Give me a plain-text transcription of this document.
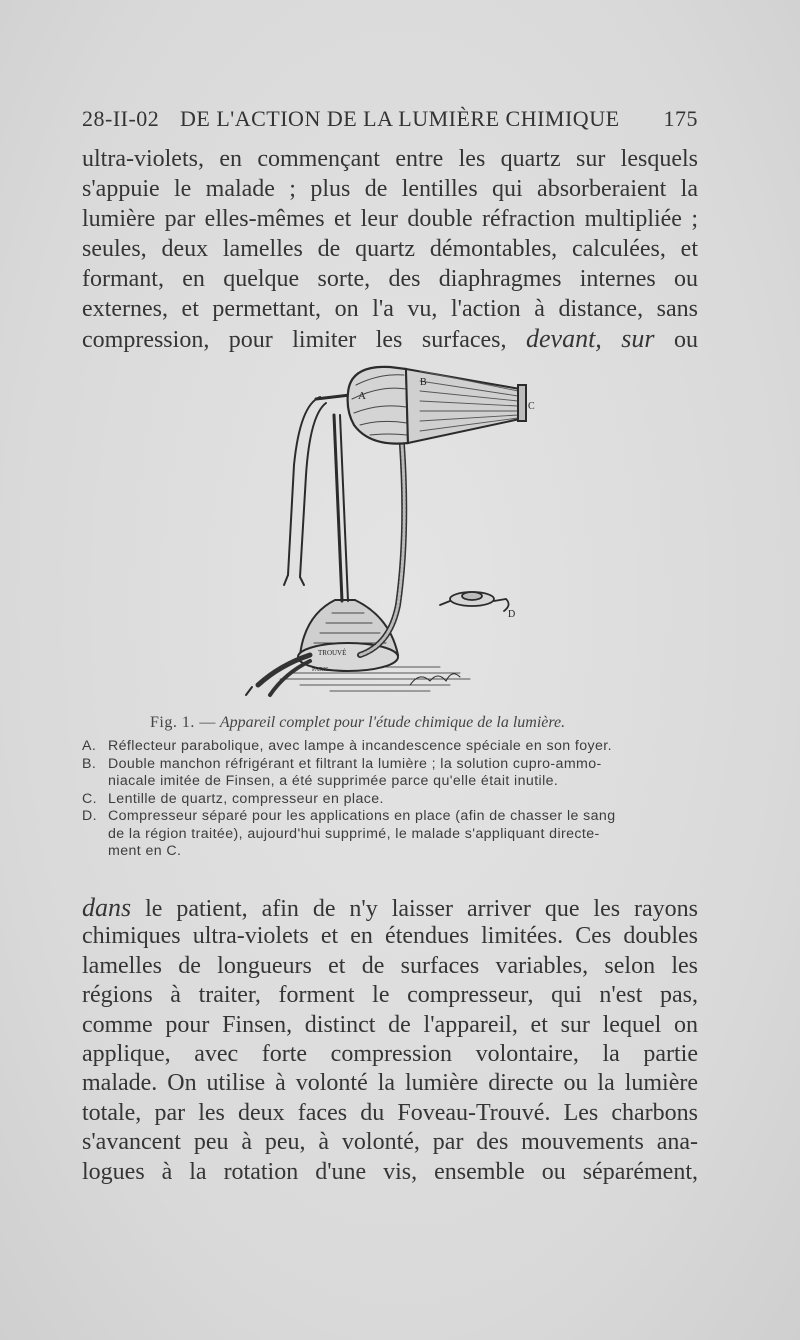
28-II-02 DE L'ACTION DE LA LUMIÈRE CHIMIQUE 175
ultra-violets, en commençant entre les quartz sur lesquels
s'appuie le malade ; plus de lentilles qui absorberaient la
lumière par elles-mêmes et leur double réfraction multipliée ;
seules, deux lamelles de quartz démontables, calculées, et
formant, en quelque sorte, des diaphragmes internes ou
externes, et permettant, on l'a vu, l'action à distance, sans
compression, pour limiter les surfaces, devant, sur ou
TROUVÉ
PARIS
A
B
C
D
Fig. 1. — Appareil complet pour l'étude chimique de la lumière.
A. Réflecteur parabolique, avec lampe à incandescence spéciale en son foyer.
B. Double manchon réfrigérant et filtrant la lumière ; la solution cupro-ammo-
niacale imitée de Finsen, a été supprimée parce qu'elle était inutile.
C. Lentille de quartz, compresseur en place.
D. Compresseur séparé pour les applications en place (afin de chasser le sang
de la région traitée), aujourd'hui supprimé, le malade s'appliquant directe-
ment en C.
dans le patient, afin de n'y laisser arriver que les rayons
chimiques ultra-violets et en étendues limitées. Ces doubles
lamelles de longueurs et de surfaces variables, selon les
régions à traiter, forment le compresseur, qui n'est pas,
comme pour Finsen, distinct de l'appareil, et sur lequel on
applique, avec forte compression volontaire, la partie
malade. On utilise à volonté la lumière directe ou la lumière
totale, par les deux faces du Foveau-Trouvé. Les charbons
s'avancent peu à peu, à volonté, par des mouvements ana-
logues à la rotation d'une vis, ensemble ou séparément,
